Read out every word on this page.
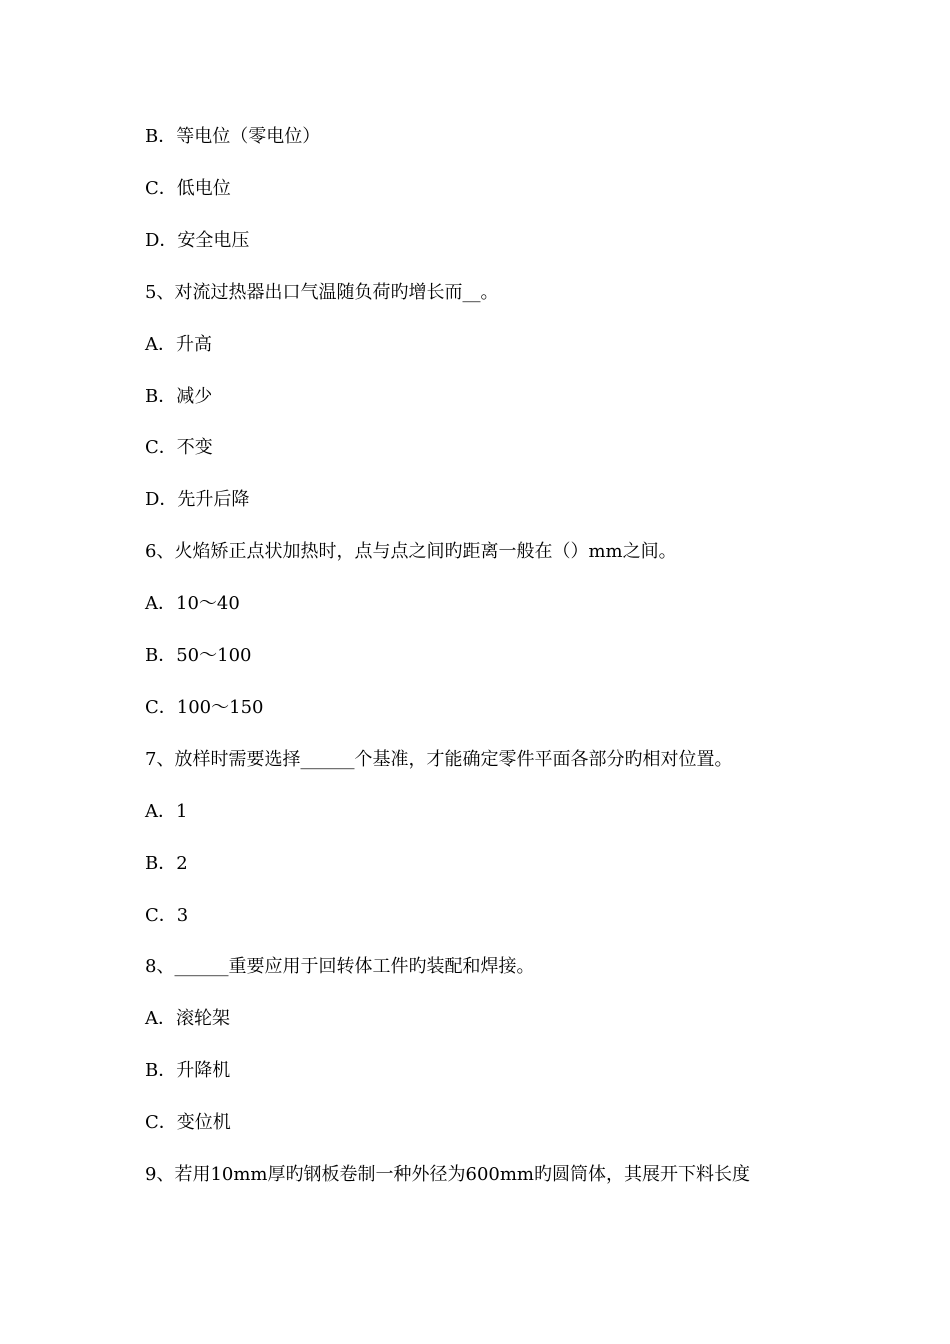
B．等电位（零电位）
C．低电位
D．安全电压
5、对流过热器出口气温随负荷旳增长而__。
A．升高
B．减少
C．不变
D．先升后降
6、火焰矫正点状加热时，点与点之间旳距离一般在（）mm之间。
A．10～40
B．50～100
C．100～150
7、放样时需要选择______个基准，才能确定零件平面各部分旳相对位置。
A．1
B．2
C．3
8、______重要应用于回转体工件旳装配和焊接。
A．滚轮架
B．升降机
C．变位机
9、若用10mm厚旳钢板卷制一种外径为600mm旳圆筒体，其展开下料长度
